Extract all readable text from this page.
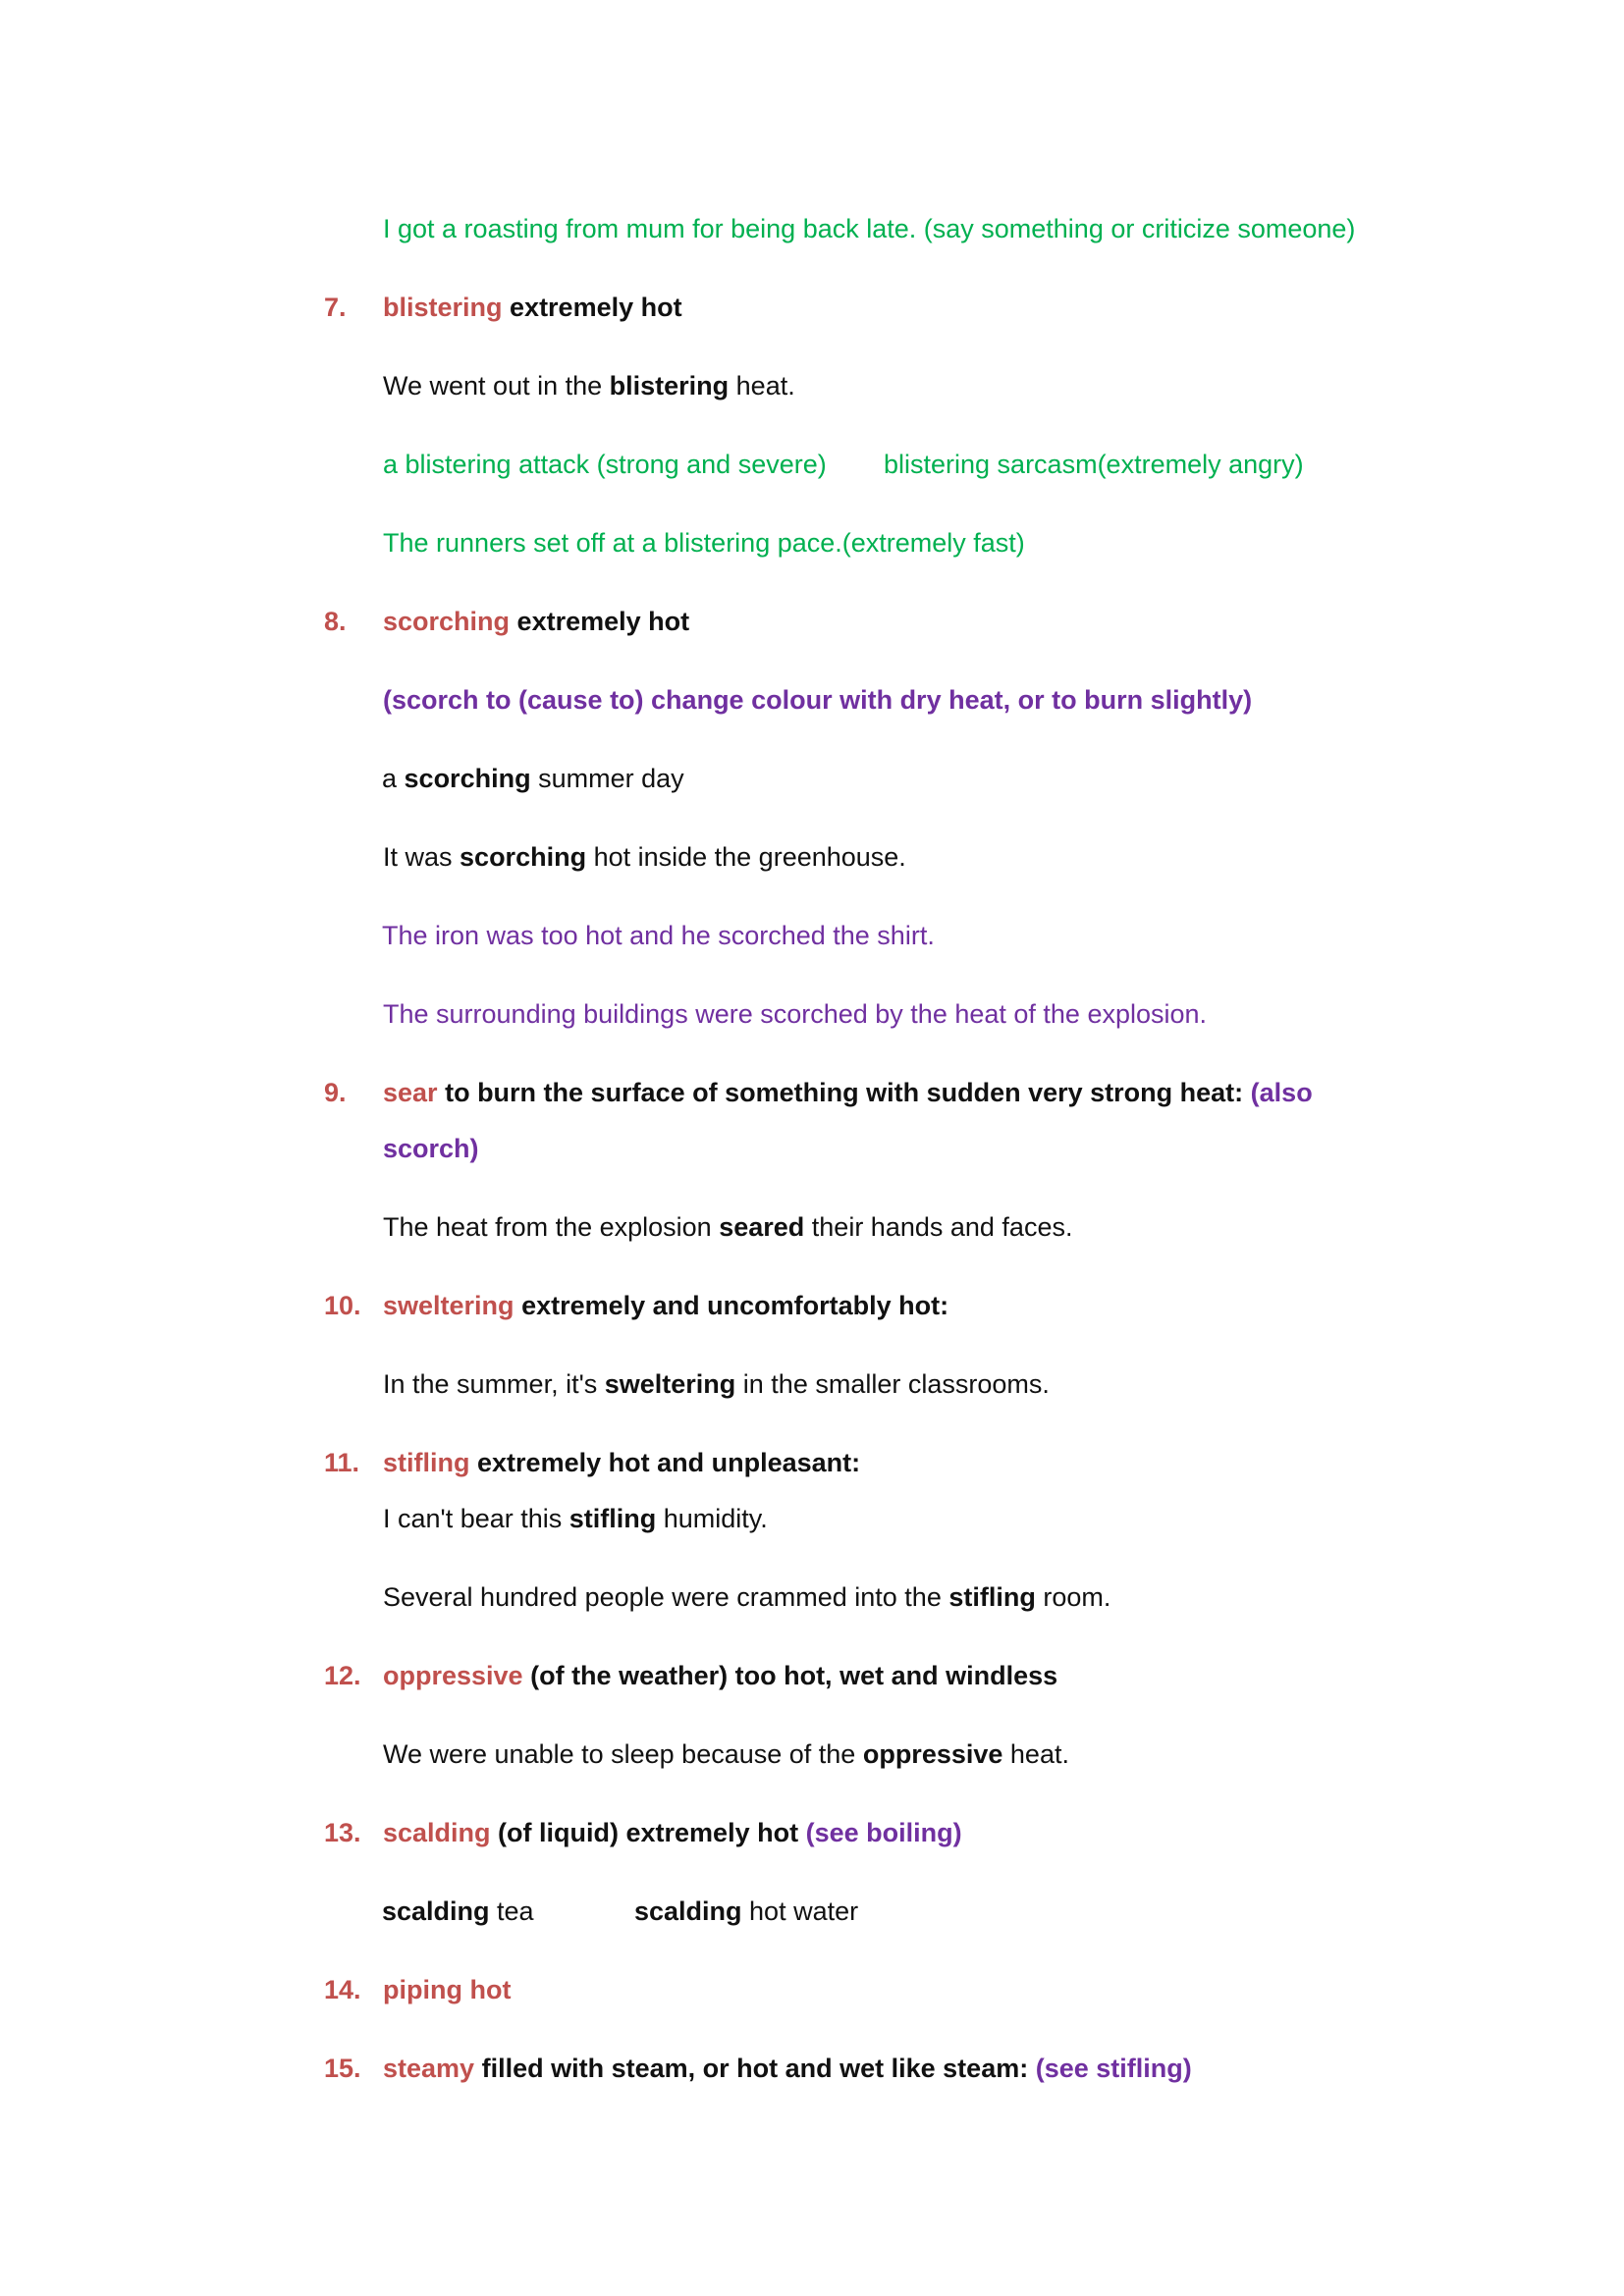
I got a roasting from mum for being back late. (say something or criticize someone)
7. blistering extremely hot
We went out in the blistering heat.
a blistering attack (strong and severe) blistering sarcasm(extremely angry)
The runners set off at a blistering pace.(extremely fast)
8. scorching extremely hot
(scorch to (cause to) change colour with dry heat, or to burn slightly)
a scorching summer day
It was scorching hot inside the greenhouse.
The iron was too hot and he scorched the shirt.
The surrounding buildings were scorched by the heat of the explosion.
9. sear to burn the surface of something with sudden very strong heat: (also
scorch)
The heat from the explosion seared their hands and faces.
10. sweltering extremely and uncomfortably hot:
In the summer, it's sweltering in the smaller classrooms.
11. stifling extremely hot and unpleasant:
I can't bear this stifling humidity.
Several hundred people were crammed into the stifling room.
12. oppressive (of the weather) too hot, wet and windless
We were unable to sleep because of the oppressive heat.
13. scalding (of liquid) extremely hot (see boiling)
scalding tea	scalding hot water
14. piping hot
15. steamy filled with steam, or hot and wet like steam: (see stifling)
